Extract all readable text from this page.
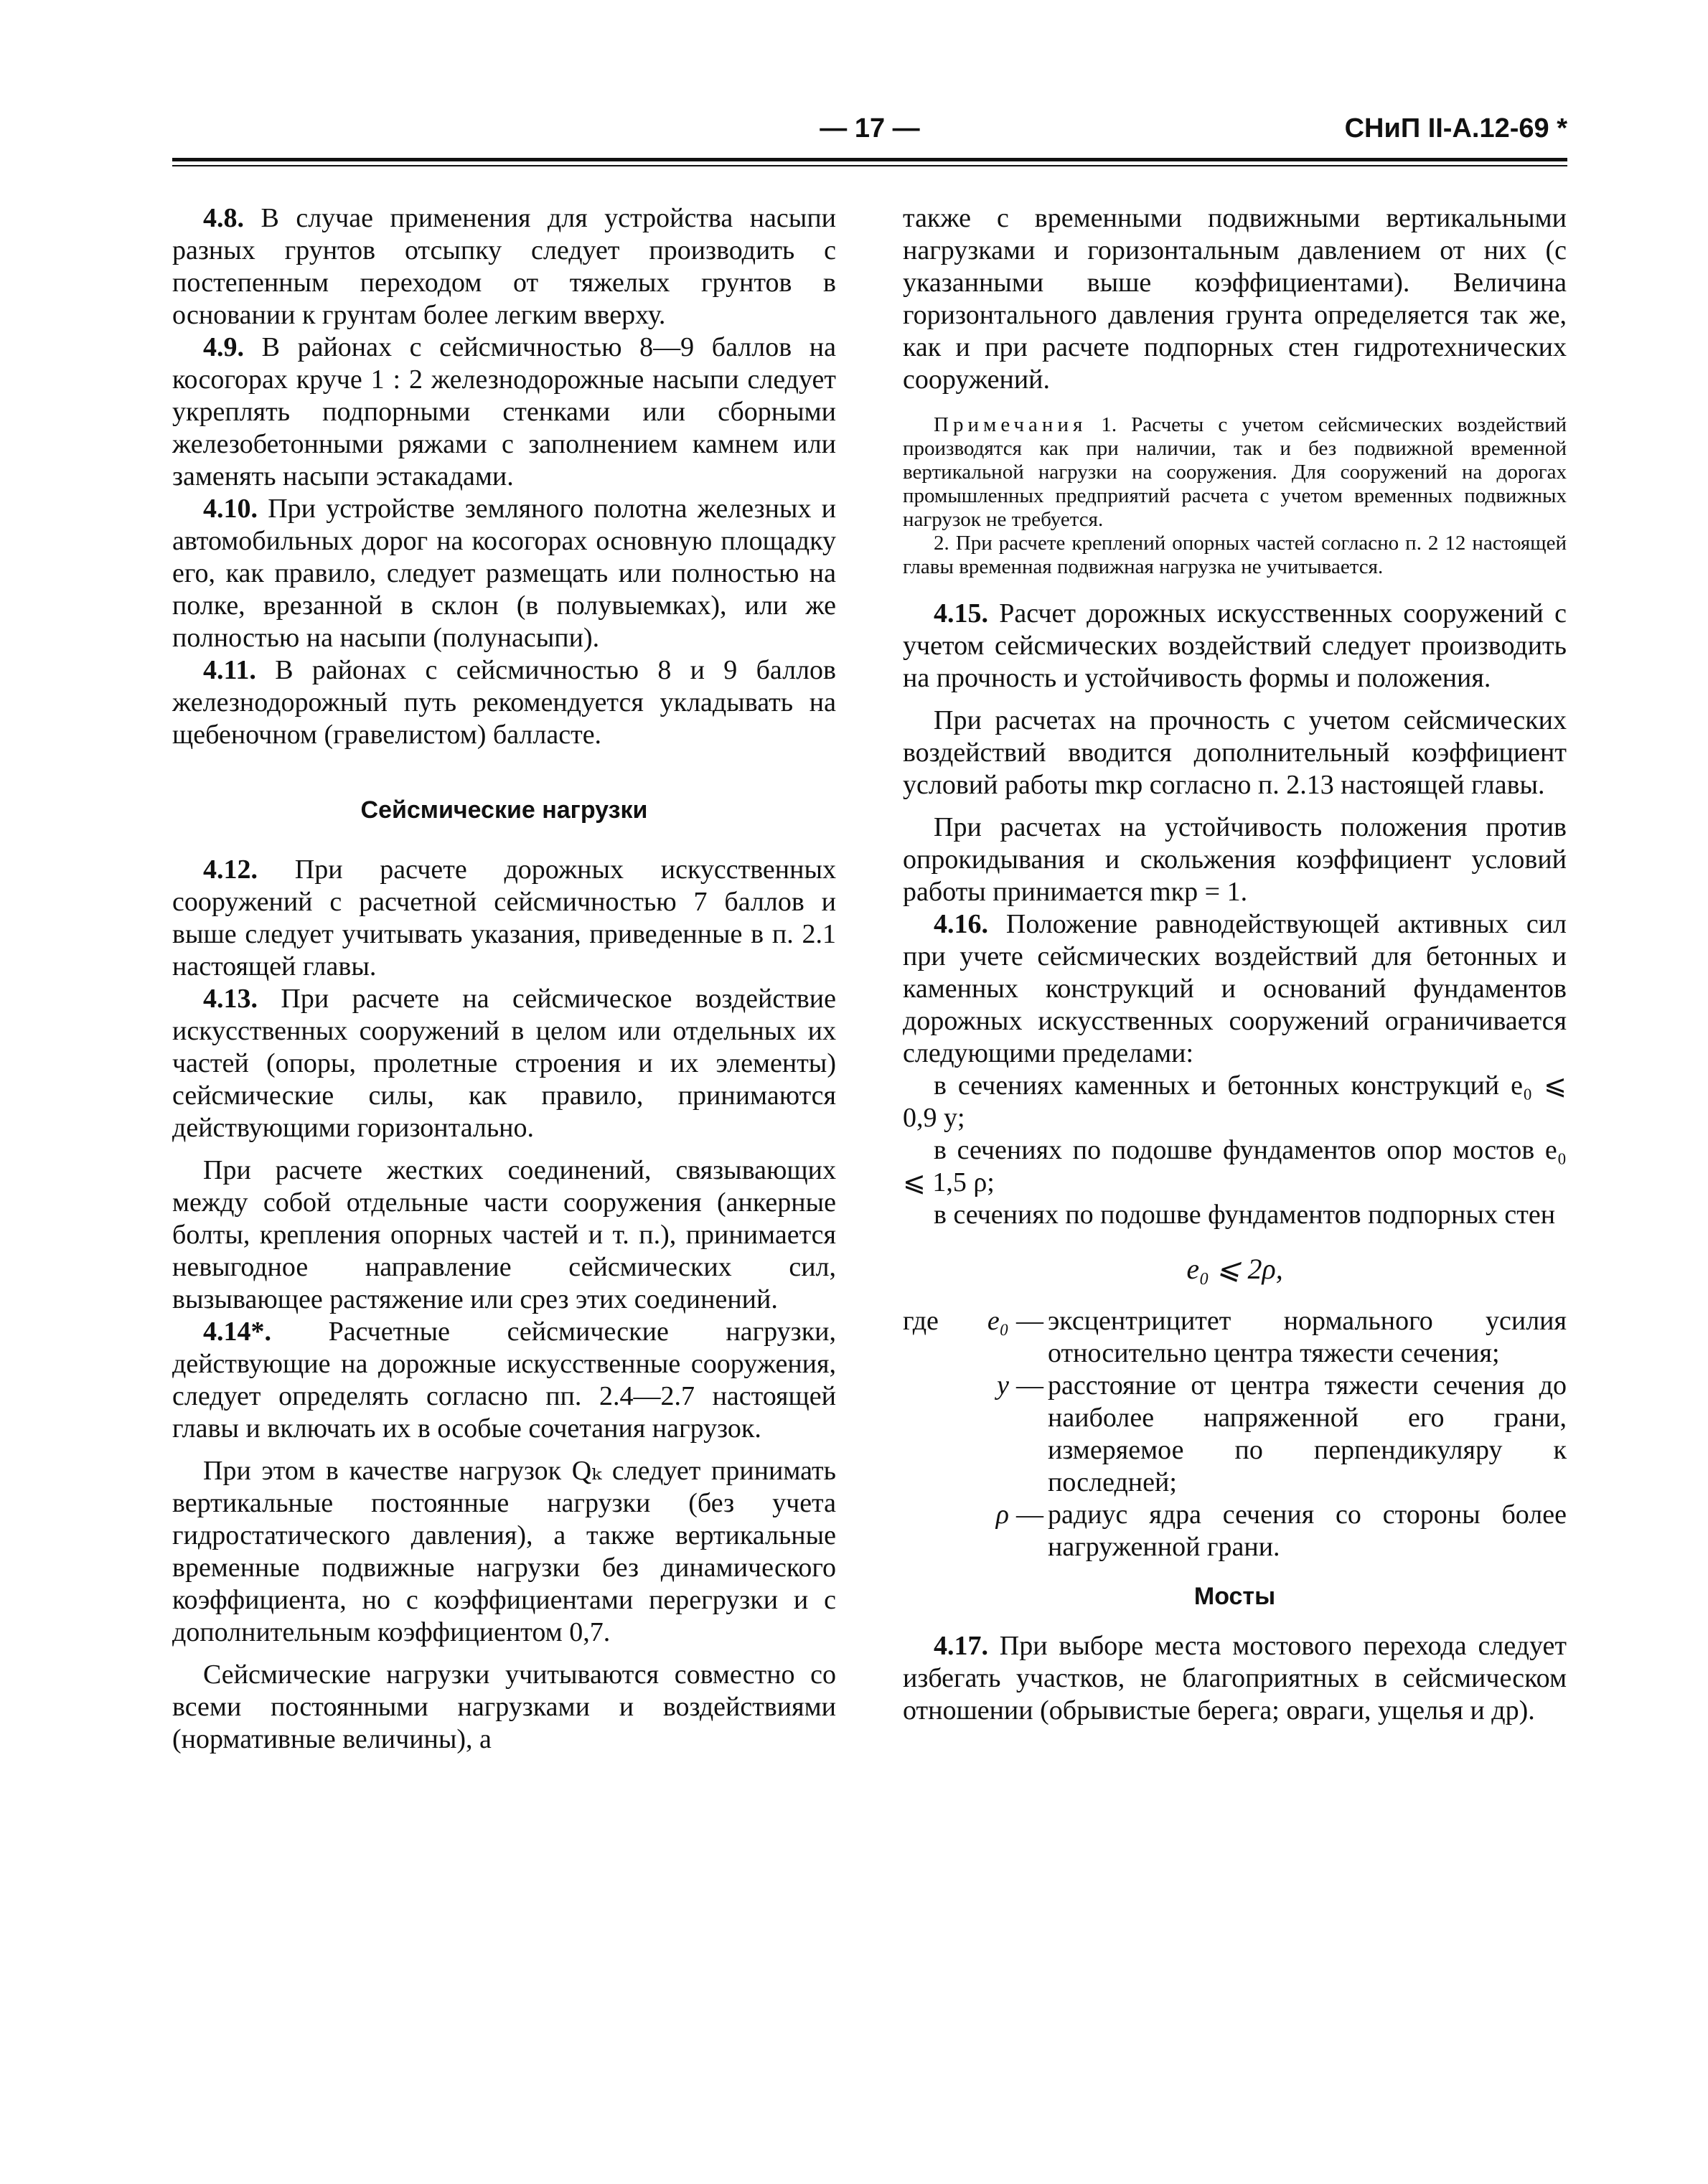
— 17 —	СНиП II-А.12-69 *

4.8. В случае применения для устройства насыпи разных грунтов отсыпку следует производить с постепенным переходом от тяжелых грунтов в основании к грунтам более легким вверху.

4.9. В районах с сейсмичностью 8—9 баллов на косогорах круче 1 : 2 железнодорожные насыпи следует укреплять подпорными стенками или сборными железобетонными ряжами с заполнением камнем или заменять насыпи эстакадами.

4.10. При устройстве земляного полотна железных и автомобильных дорог на косогорах основную площадку его, как правило, следует размещать или полностью на полке, врезанной в склон (в полувыемках), или же полностью на насыпи (полунасыпи).

4.11. В районах с сейсмичностью 8 и 9 баллов железнодорожный путь рекомендуется укладывать на щебеночном (гравелистом) балласте.

Сейсмические нагрузки

4.12. При расчете дорожных искусственных сооружений с расчетной сейсмичностью 7 баллов и выше следует учитывать указания, приведенные в п. 2.1 настоящей главы.

4.13. При расчете на сейсмическое воздействие искусственных сооружений в целом или отдельных их частей (опоры, пролетные строения и их элементы) сейсмические силы, как правило, принимаются действующими горизонтально.

При расчете жестких соединений, связывающих между собой отдельные части сооружения (анкерные болты, крепления опорных частей и т. п.), принимается невыгодное направление сейсмических сил, вызывающее растяжение или срез этих соединений.

4.14*. Расчетные сейсмические нагрузки, действующие на дорожные искусственные сооружения, следует определять согласно пп. 2.4—2.7 настоящей главы и включать их в особые сочетания нагрузок.

При этом в качестве нагрузок Qₖ следует принимать вертикальные постоянные нагрузки (без учета гидростатического давления), а также вертикальные временные подвижные нагрузки без динамического коэффициента, но с коэффициентами перегрузки и с дополнительным коэффициентом 0,7.

Сейсмические нагрузки учитываются совместно со всеми постоянными нагрузками и воздействиями (нормативные величины), а

также с временными подвижными вертикальными нагрузками и горизонтальным давлением от них (с указанными выше коэффициентами). Величина горизонтального давления грунта определяется так же, как и при расчете подпорных стен гидротехнических сооружений.

Примечания 1. Расчеты с учетом сейсмических воздействий производятся как при наличии, так и без подвижной временной вертикальной нагрузки на сооружения. Для сооружений на дорогах промышленных предприятий расчета с учетом временных подвижных нагрузок не требуется.

2. При расчете креплений опорных частей согласно п. 2 12 настоящей главы временная подвижная нагрузка не учитывается.

4.15. Расчет дорожных искусственных сооружений с учетом сейсмических воздействий следует производить на прочность и устойчивость формы и положения.

При расчетах на прочность с учетом сейсмических воздействий вводится дополнительный коэффициент условий работы mкр согласно п. 2.13 настоящей главы.

При расчетах на устойчивость положения против опрокидывания и скольжения коэффициент условий работы принимается mкр = 1.

4.16. Положение равнодействующей активных сил при учете сейсмических воздействий для бетонных и каменных конструкций и оснований фундаментов дорожных искусственных сооружений ограничивается следующими пределами:

в сечениях каменных и бетонных конструкций e₀ ⩽ 0,9 y;

в сечениях по подошве фундаментов опор мостов e₀ ⩽ 1,5 ρ;

в сечениях по подошве фундаментов подпорных стен

e₀ ⩽ 2ρ,
где	e₀ — эксцентрицитет нормального усилия относительно центра тяжести сечения;
y — расстояние от центра тяжести сечения до наиболее напряженной его грани, измеряемое по перпендикуляру к последней;
ρ — радиус ядра сечения со стороны более нагруженной грани.
Мосты

4.17. При выборе места мостового перехода следует избегать участков, не благоприятных в сейсмическом отношении (обрывистые берега; овраги, ущелья и др).
